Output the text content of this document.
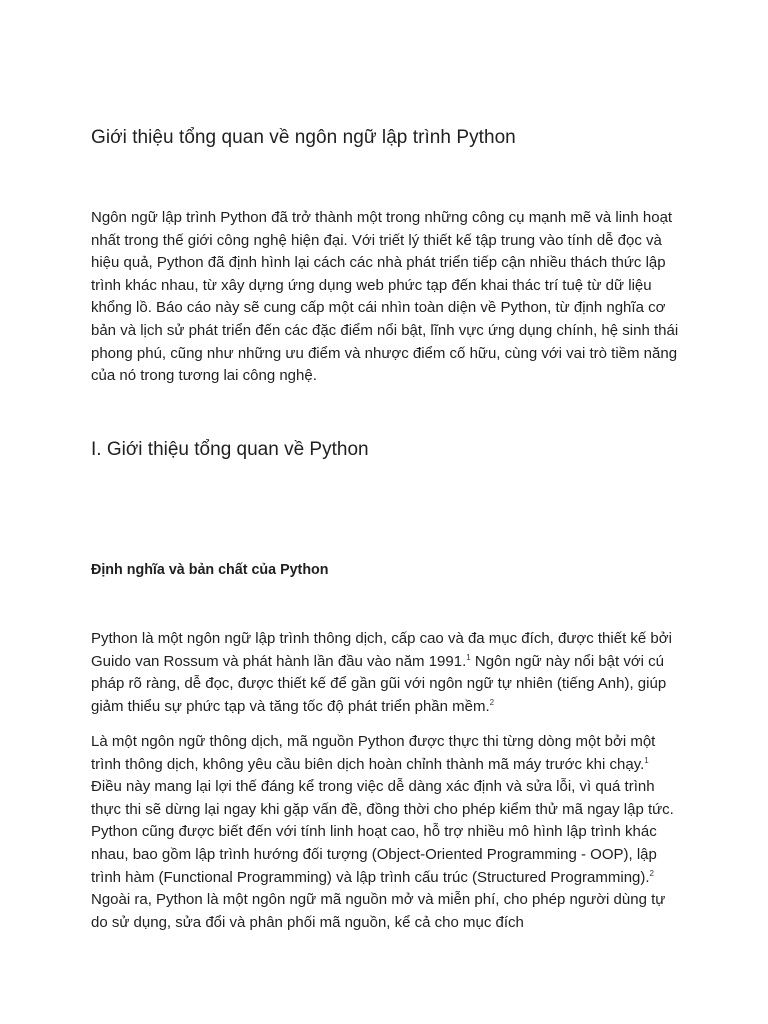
Giới thiệu tổng quan về ngôn ngữ lập trình Python

Ngôn ngữ lập trình Python đã trở thành một trong những công cụ mạnh mẽ và linh hoạt nhất trong thế giới công nghệ hiện đại. Với triết lý thiết kế tập trung vào tính dễ đọc và hiệu quả, Python đã định hình lại cách các nhà phát triển tiếp cận nhiều thách thức lập trình khác nhau, từ xây dựng ứng dụng web phức tạp đến khai thác trí tuệ từ dữ liệu khổng lồ. Báo cáo này sẽ cung cấp một cái nhìn toàn diện về Python, từ định nghĩa cơ bản và lịch sử phát triển đến các đặc điểm nổi bật, lĩnh vực ứng dụng chính, hệ sinh thái phong phú, cũng như những ưu điểm và nhược điểm cố hữu, cùng với vai trò tiềm năng của nó trong tương lai công nghệ.

I. Giới thiệu tổng quan về Python
Định nghĩa và bản chất của Python

Python là một ngôn ngữ lập trình thông dịch, cấp cao và đa mục đích, được thiết kế bởi Guido van Rossum và phát hành lần đầu vào năm 1991.$^1$ Ngôn ngữ này nổi bật với cú pháp rõ ràng, dễ đọc, được thiết kế để gần gũi với ngôn ngữ tự nhiên (tiếng Anh), giúp giảm thiểu sự phức tạp và tăng tốc độ phát triển phần mềm.$^2$

Là một ngôn ngữ thông dịch, mã nguồn Python được thực thi từng dòng một bởi một trình thông dịch, không yêu cầu biên dịch hoàn chỉnh thành mã máy trước khi chạy.$^1$ Điều này mang lại lợi thế đáng kể trong việc dễ dàng xác định và sửa lỗi, vì quá trình thực thi sẽ dừng lại ngay khi gặp vấn đề, đồng thời cho phép kiểm thử mã ngay lập tức. Python cũng được biết đến với tính linh hoạt cao, hỗ trợ nhiều mô hình lập trình khác nhau, bao gồm lập trình hướng đối tượng (Object-Oriented Programming - OOP), lập trình hàm (Functional Programming) và lập trình cấu trúc (Structured Programming).$^2$ Ngoài ra, Python là một ngôn ngữ mã nguồn mở và miễn phí, cho phép người dùng tự do sử dụng, sửa đổi và phân phối mã nguồn, kể cả cho mục đích
